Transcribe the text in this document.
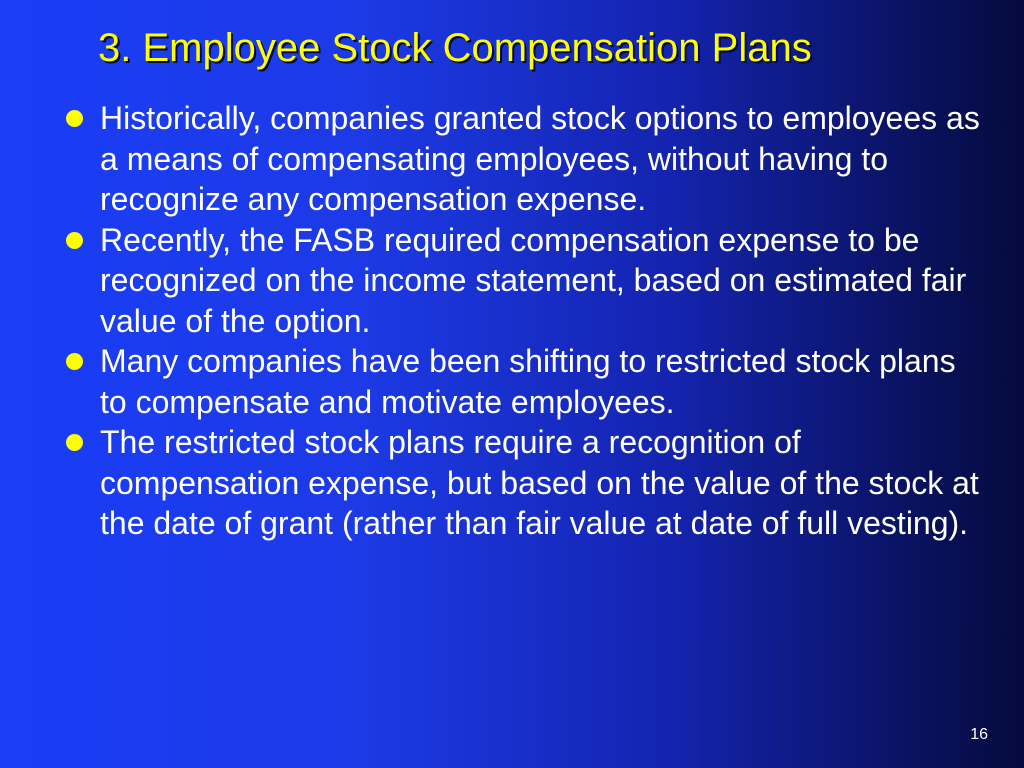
3. Employee Stock Compensation Plans
Historically, companies granted stock options to employees as a means of compensating employees, without having to recognize any compensation expense.
Recently, the FASB required compensation expense to be recognized on the income statement, based on estimated fair value of the option.
Many companies have been shifting to restricted stock plans to compensate and motivate employees.
The restricted stock plans require a recognition of compensation expense, but based on the value of the stock at the date of grant (rather than fair value at date of full vesting).
16
